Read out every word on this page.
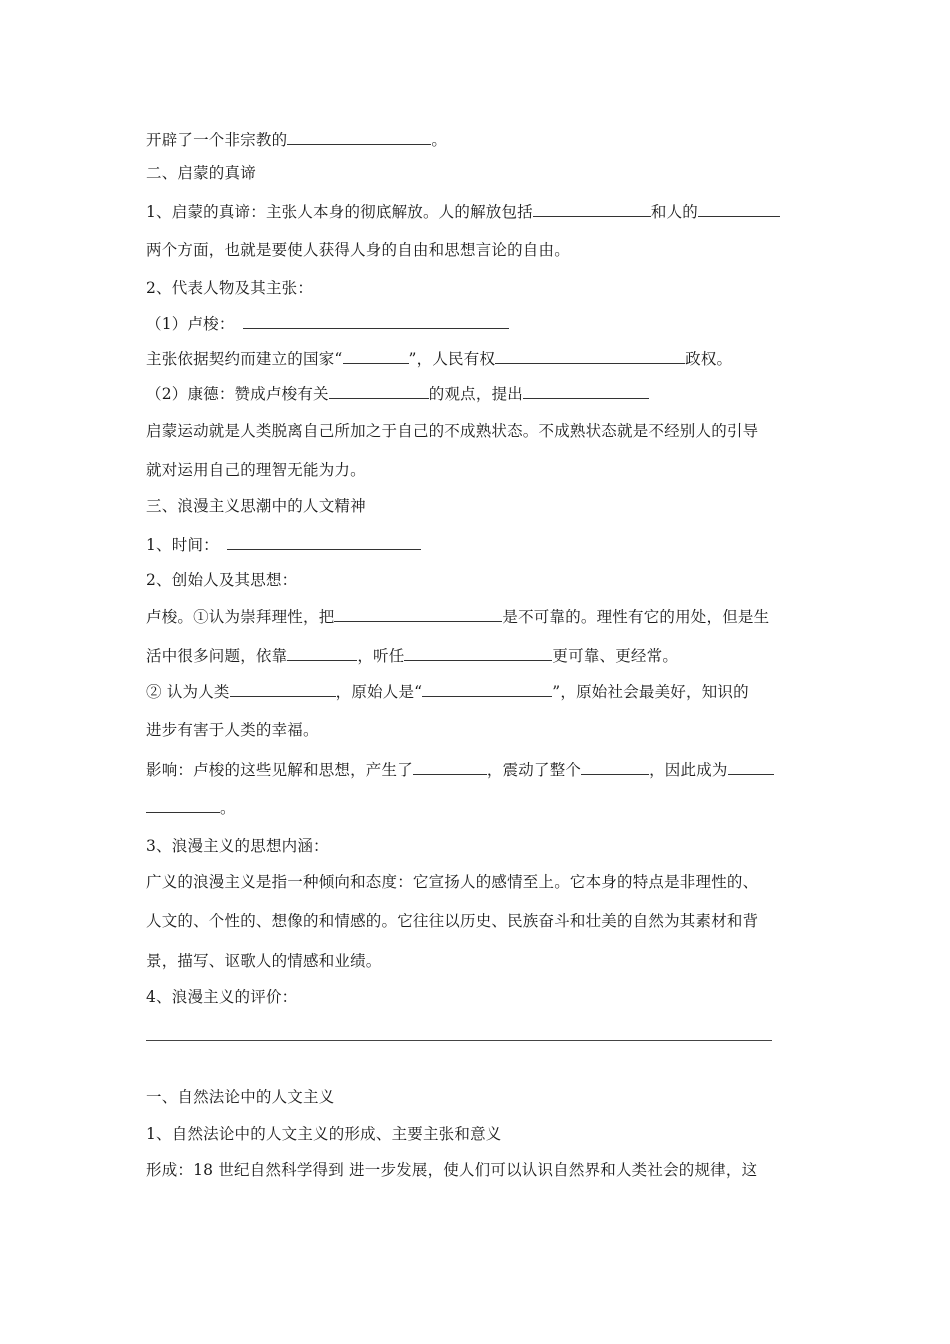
开辟了一个非宗教的	。
二、启蒙的真谛
1、启蒙的真谛：主张人本身的彻底解放。人的解放包括	和人的
两个方面，也就是要使人获得人身的自由和思想言论的自由。
2、代表人物及其主张：
（1）卢梭：
主张依据契约而建立的国家“	”，人民有权	政权。
（2）康德：赞成卢梭有关	的观点，提出
启蒙运动就是人类脱离自己所加之于自己的不成熟状态。不成熟状态就是不经别人的引导
就对运用自己的理智无能为力。
三、浪漫主义思潮中的人文精神
1、时间：
2、创始人及其思想：
卢梭。①认为崇拜理性，把	是不可靠的。理性有它的用处，但是生
活中很多问题，依靠	，听任	更可靠、更经常。
② 认为人类	，原始人是“	”，原始社会最美好，知识的
进步有害于人类的幸福。
影响：卢梭的这些见解和思想，产生了	，震动了整个	，因此成为
。
3、浪漫主义的思想内涵：
广义的浪漫主义是指一种倾向和态度：它宣扬人的感情至上。它本身的特点是非理性的、
人文的、个性的、想像的和情感的。它往往以历史、民族奋斗和壮美的自然为其素材和背
景，描写、讴歌人的情感和业绩。
4、浪漫主义的评价：
一、自然法论中的人文主义
1、自然法论中的人文主义的形成、主要主张和意义
形成：18 世纪自然科学得到 进一步发展，使人们可以认识自然界和人类社会的规律，这
